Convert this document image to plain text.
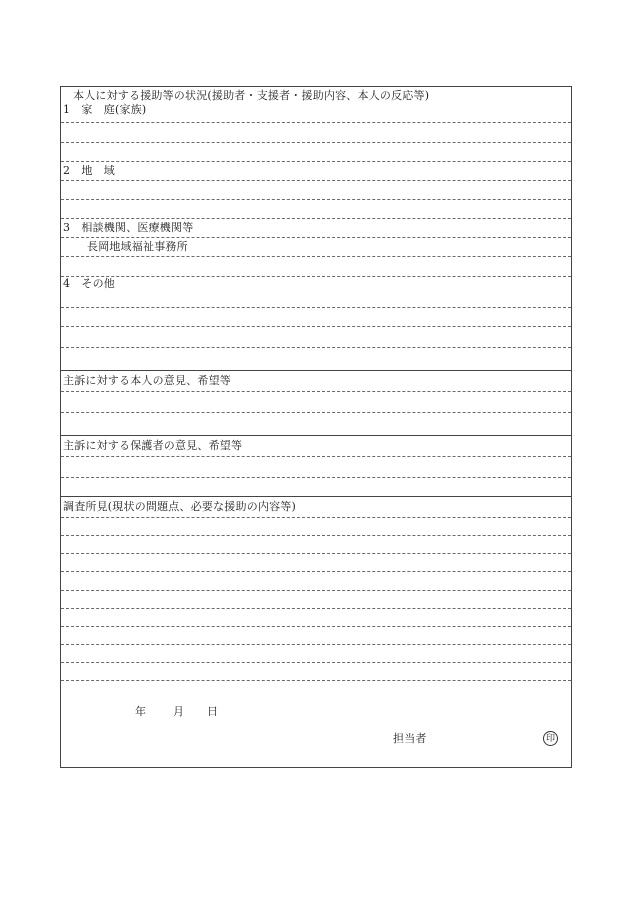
本人に対する援助等の状況(援助者・支援者・援助内容、本人の反応等)
1　家　庭(家族)
2　地　域
3　相談機関、医療機関等
長岡地域福祉事務所
4　その他
主訴に対する本人の意見、希望等
主訴に対する保護者の意見、希望等
調査所見(現状の問題点、必要な援助の内容等)
年 月 日
担当者	印
